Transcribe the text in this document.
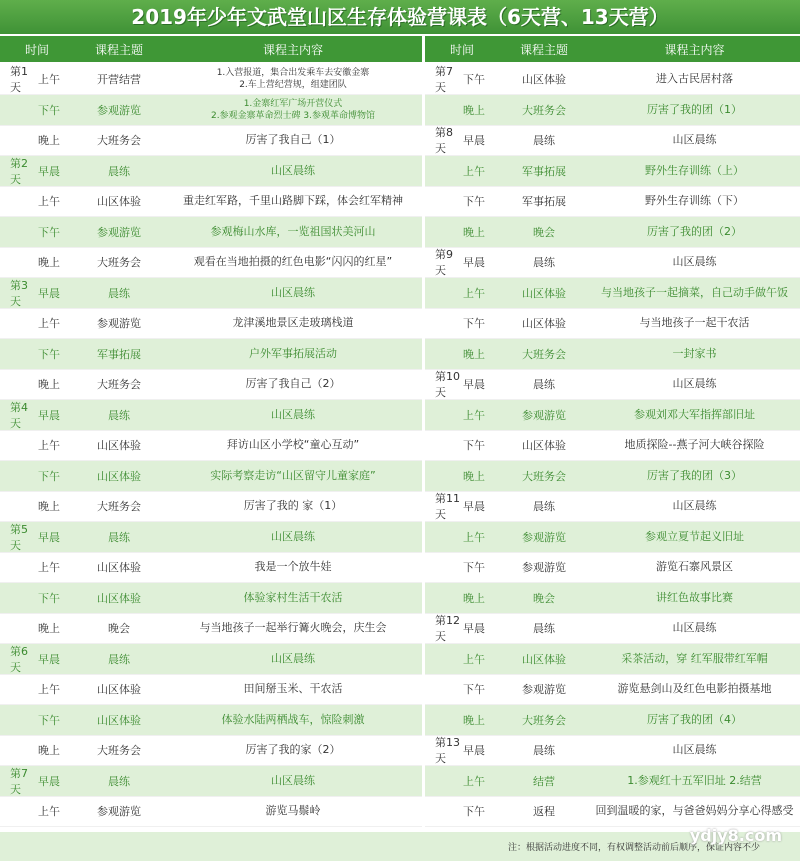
2019年少年文武堂山区生存体验营课表（6天营、13天营）
时间	课程主题	课程主内容	时间	课程主题	课程主内容
第1天
上午	开营结营	1.入营报道，集合出发乘车去安徽金寨
2.车上营纪营规，组建团队
下午	参观游览	1.金寨红军广场开营仪式
2.参观金寨革命烈士碑 3.参观革命博物馆
晚上	大班务会	厉害了我自己（1）
第2天
早晨	晨练	山区晨练
上午	山区体验	重走红军路，千里山路脚下踩，体会红军精神
下午	参观游览	参观梅山水库，一览祖国状美河山
晚上	大班务会	观看在当地拍摄的红色电影“闪闪的红星”
第3天
早晨	晨练	山区晨练
上午	参观游览	龙津溪地景区走玻璃栈道
下午	军事拓展	户外军事拓展活动
晚上	大班务会	厉害了我自己（2）
第4天
早晨	晨练	山区晨练
上午	山区体验	拜访山区小学校“童心互动”
下午	山区体验	实际考察走访“山区留守儿童家庭”
晚上	大班务会	厉害了我的 家（1）
第5天
早晨	晨练	山区晨练
上午	山区体验	我是一个放牛娃
下午	山区体验	体验家村生活干农活
晚上	晚会	与当地孩子一起举行篝火晚会，庆生会
第6天
早晨	晨练	山区晨练
上午	山区体验	田间掰玉米、干农活
下午	山区体验	体验水陆两栖战车，惊险刺激
晚上	大班务会	厉害了我的家（2）
第7天
早晨	晨练	山区晨练
上午	参观游览	游览马鬃岭
第7天
下午	山区体验	进入古民居村落
晚上	大班务会	厉害了我的团（1）
第8天
早晨	晨练	山区晨练
上午	军事拓展	野外生存训练（上）
下午	军事拓展	野外生存训练（下）
晚上	晚会	厉害了我的团（2）
第9天
早晨	晨练	山区晨练
上午	山区体验	与当地孩子一起摘菜，自己动手做午饭
下午	山区体验	与当地孩子一起干农活
晚上	大班务会	一封家书
第10天
早晨	晨练	山区晨练
上午	参观游览	参观刘邓大军指挥部旧址
下午	山区体验	地质探险--燕子河大峡谷探险
晚上	大班务会	厉害了我的团（3）
第11天
早晨	晨练	山区晨练
上午	参观游览	参观立夏节起义旧址
下午	参观游览	游览石寨风景区
晚上	晚会	讲红色故事比赛
第12天
早晨	晨练	山区晨练
上午	山区体验	采茶活动，穿 红军服带红军帽
下午	参观游览	游览悬剑山及红色电影拍摄基地
晚上	大班务会	厉害了我的团（4）
第13天
早晨	晨练	山区晨练
上午	结营	1.参观红十五军旧址 2.结营
下午	返程	回到温暖的家，与爸爸妈妈分享心得感受
注：根据活动进度不同，有权调整活动前后顺序，保证内容不少
ydjy8.com
